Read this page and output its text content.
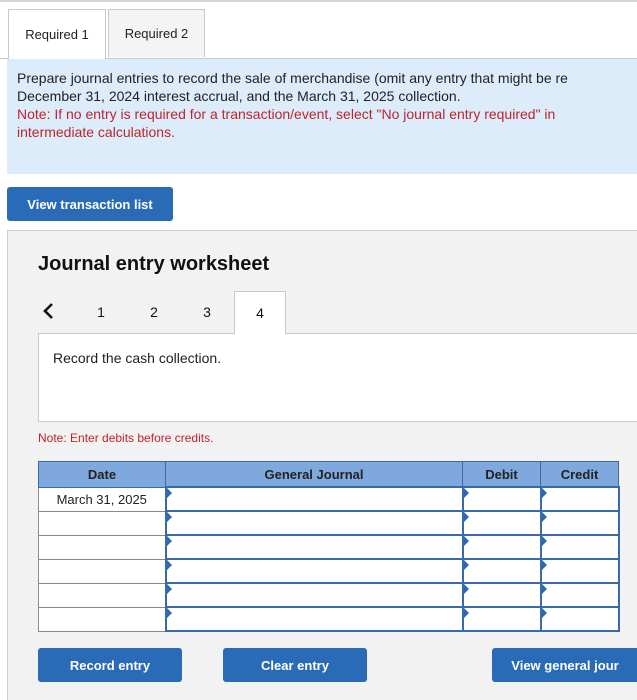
Required 1	Required 2
Prepare journal entries to record the sale of merchandise (omit any entry that might be re
December 31, 2024 interest accrual, and the March 31, 2025 collection.
Note: If no entry is required for a transaction/event, select "No journal entry required" in
intermediate calculations.
View transaction list
Journal entry worksheet
1	2	3	4
Record the cash collection.
Note: Enter debits before credits.
Date	General Journal	Debit	Credit
March 31, 2025			

Record entry	Clear entry	View general jour
